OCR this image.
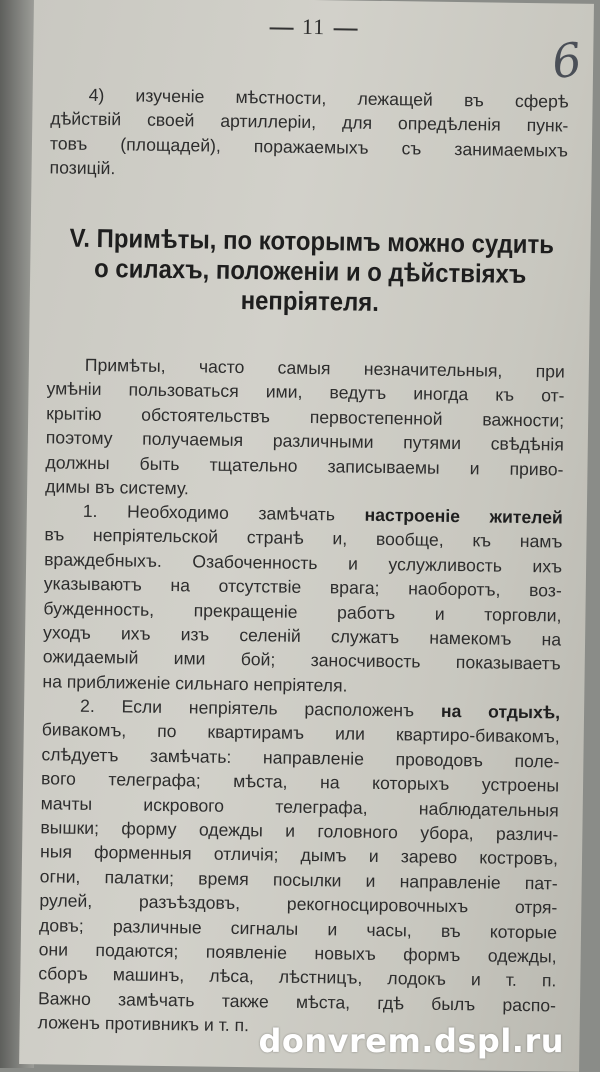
11
6
4) изученіе мѣстности, лежащей въ сферѣ
дѣйствій своей артиллеріи, для опредѣленія пунк-
товъ (площадей), поражаемыхъ съ занимаемыхъ
позицій.
V. Примѣты, по которымъ можно судить
о силахъ, положеніи и о дѣйствіяхъ
непріятеля.
Примѣты, часто самыя незначительныя, при
умѣніи пользоваться ими, ведутъ иногда къ от-
крытію обстоятельствъ первостепенной важности;
поэтому получаемыя различными путями свѣдѣнія
должны быть тщательно записываемы и приво-
димы въ систему.
1. Необходимо замѣчать настроеніе жителей
въ непріятельской странѣ и, вообще, къ намъ
враждебныхъ. Озабоченность и услужливость ихъ
указываютъ на отсутствіе врага; наоборотъ, воз-
бужденность, прекращеніе работъ и торговли,
уходъ ихъ изъ селеній служатъ намекомъ на
ожидаемый ими бой; заносчивость показываетъ
на приближеніе сильнаго непріятеля.
2. Если непріятель расположенъ на отдыхѣ,
бивакомъ, по квартирамъ или квартиро-бивакомъ,
слѣдуетъ замѣчать: направленіе проводовъ поле-
вого телеграфа; мѣста, на которыхъ устроены
мачты искрового телеграфа, наблюдательныя
вышки; форму одежды и головного убора, различ-
ныя форменныя отличія; дымъ и зарево костровъ,
огни, палатки; время посылки и направленіе пат-
рулей, разъѣздовъ, рекогносцировочныхъ отря-
довъ; различные сигналы и часы, въ которые
они подаются; появленіе новыхъ формъ одежды,
сборъ машинъ, лѣса, лѣстницъ, лодокъ и т. п.
Важно замѣчать также мѣста, гдѣ былъ распо-
ложенъ противникъ и т. п. donvrem.dspl.ru
